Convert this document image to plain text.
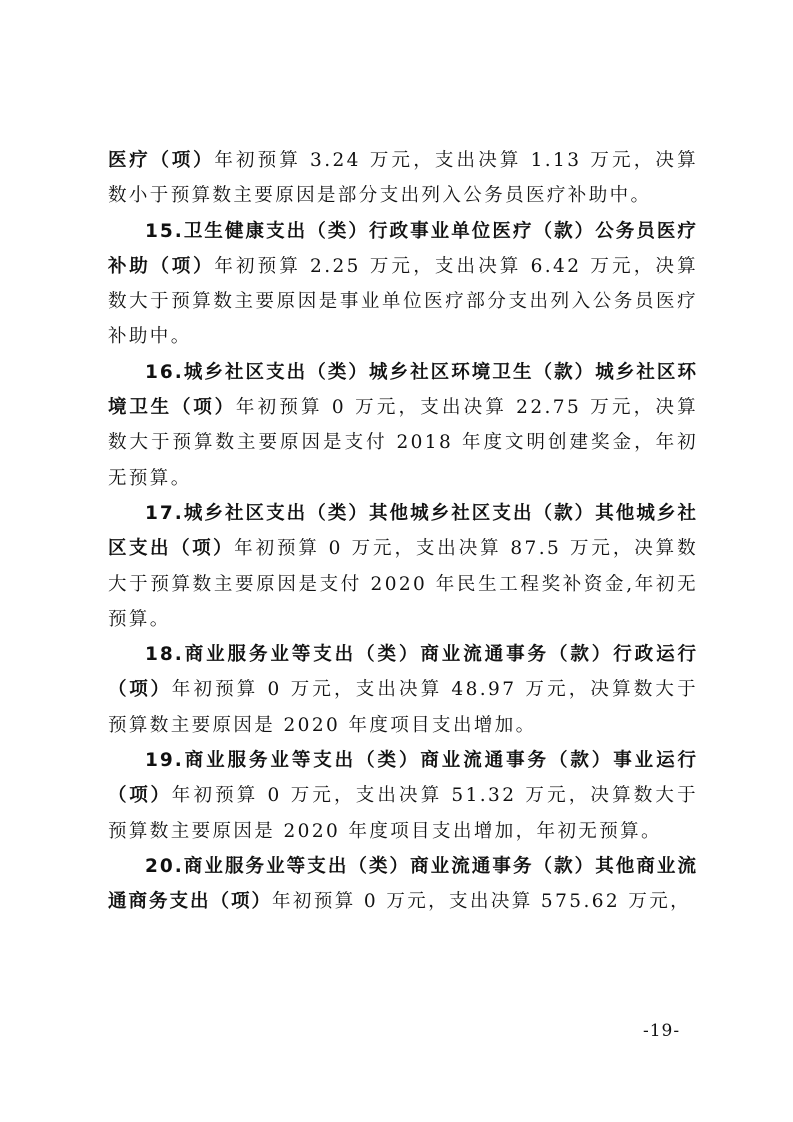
医疗（项）年初预算 3.24 万元，支出决算 1.13 万元，决算数小于预算数主要原因是部分支出列入公务员医疗补助中。

15.卫生健康支出（类）行政事业单位医疗（款）公务员医疗补助（项）年初预算 2.25 万元，支出决算 6.42 万元，决算数大于预算数主要原因是事业单位医疗部分支出列入公务员医疗补助中。

16.城乡社区支出（类）城乡社区环境卫生（款）城乡社区环境卫生（项）年初预算 0 万元，支出决算 22.75 万元，决算数大于预算数主要原因是支付 2018 年度文明创建奖金，年初无预算。

17.城乡社区支出（类）其他城乡社区支出（款）其他城乡社区支出（项）年初预算 0 万元，支出决算 87.5 万元，决算数大于预算数主要原因是支付 2020 年民生工程奖补资金,年初无预算。

18.商业服务业等支出（类）商业流通事务（款）行政运行（项）年初预算 0 万元，支出决算 48.97 万元，决算数大于预算数主要原因是 2020 年度项目支出增加。

19.商业服务业等支出（类）商业流通事务（款）事业运行（项）年初预算 0 万元，支出决算 51.32 万元，决算数大于预算数主要原因是 2020 年度项目支出增加，年初无预算。

20.商业服务业等支出（类）商业流通事务（款）其他商业流通商务支出（项）年初预算 0 万元，支出决算 575.62 万元，

-19-
